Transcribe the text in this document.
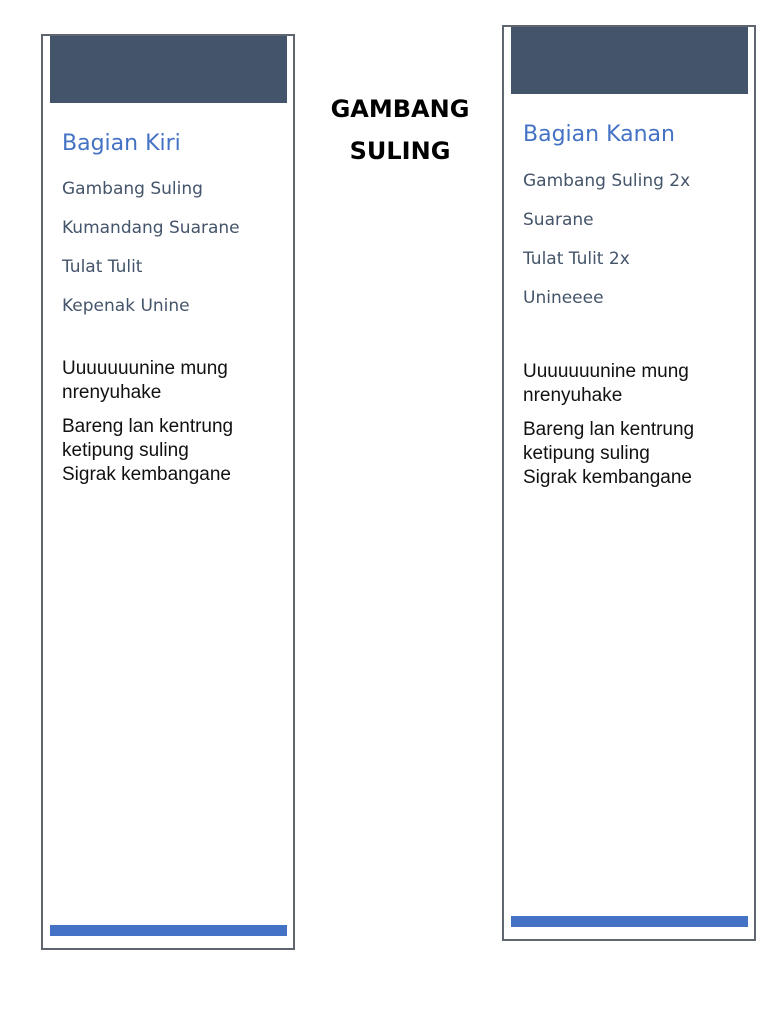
Bagian Kiri
Gambang Suling
Kumandang Suarane
Tulat Tulit
Kepenak Unine

Uuuuuuunine mung
nrenyuhake

Bareng lan kentrung
ketipung suling
Sigrak kembangane

GAMBANG
SULING
Bagian Kanan
Gambang Suling 2x
Suarane
Tulat Tulit 2x
Unineeee

Uuuuuuunine mung
nrenyuhake

Bareng lan kentrung
ketipung suling
Sigrak kembangane
